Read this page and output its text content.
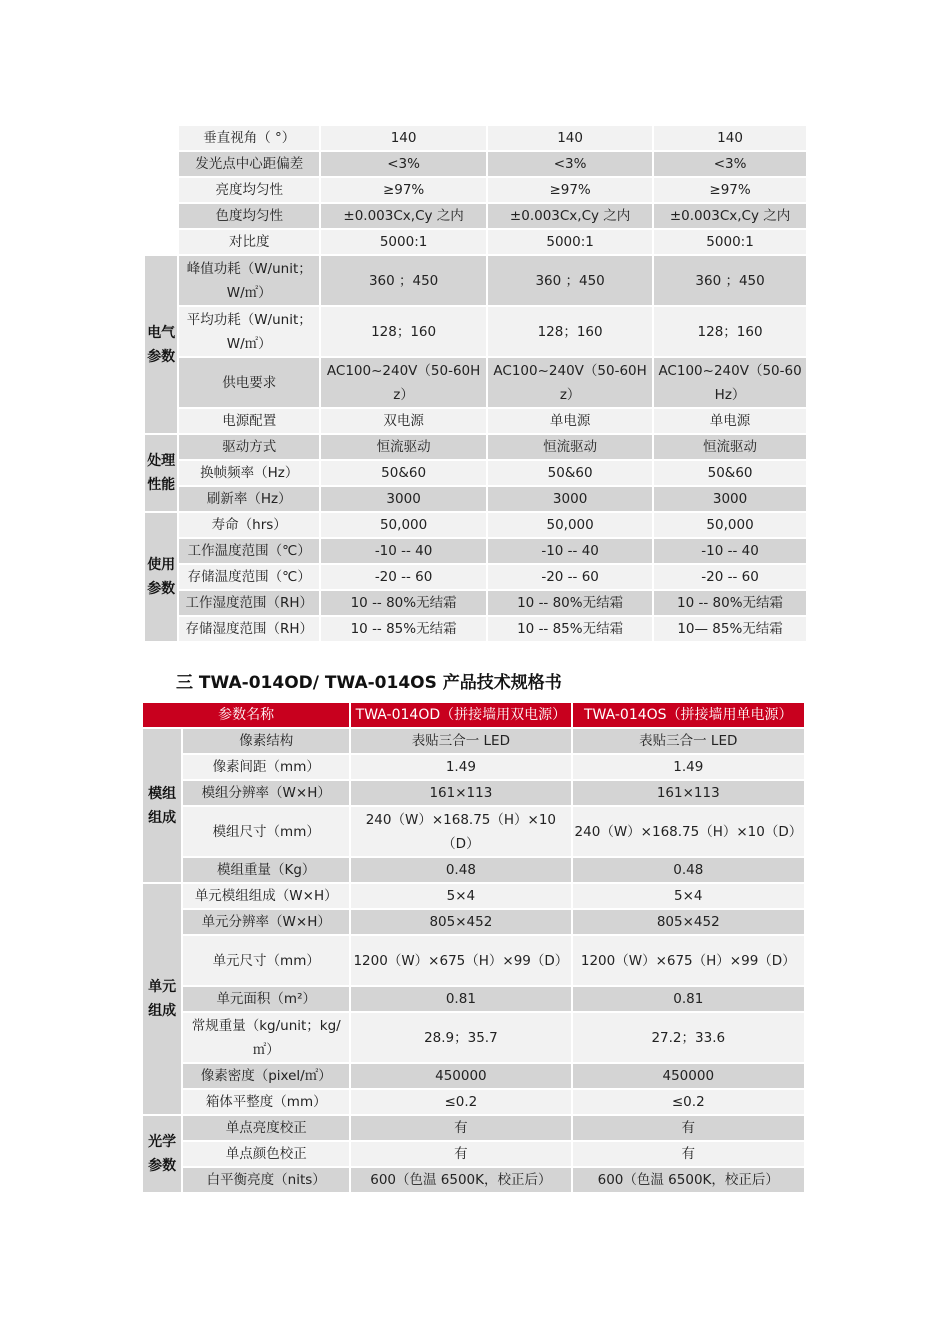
	垂直视角（ °）	140	140	140
	发光点中心距偏差	<3%	<3%	<3%
	亮度均匀性	≥97%	≥97%	≥97%
	色度均匀性	±0.003Cx,Cy 之内	±0.003Cx,Cy 之内	±0.003Cx,Cy 之内
	对比度	5000:1	5000:1	5000:1
电气参数	峰值功耗（W/unit；W/㎡）	360 ；450	360 ；450	360 ；450
	平均功耗（W/unit；W/㎡）	128；160	128；160	128；160
	供电要求	AC100~240V（50-60Hz）	AC100~240V（50-60Hz）	AC100~240V（50-60Hz）
	电源配置	双电源	单电源	单电源
处理性能	驱动方式	恒流驱动	恒流驱动	恒流驱动
	换帧频率（Hz）	50&60	50&60	50&60
	刷新率（Hz）	3000	3000	3000
使用参数	寿命（hrs）	50,000	50,000	50,000
	工作温度范围（℃）	-10 -- 40	-10 -- 40	-10 -- 40
	存储温度范围（℃）	-20 -- 60	-20 -- 60	-20 -- 60
	工作湿度范围（RH）	10 -- 80%无结霜	10 -- 80%无结霜	10 -- 80%无结霜
	存储湿度范围（RH）	10 -- 85%无结霜	10 -- 85%无结霜	10— 85%无结霜

三 TWA-014OD/ TWA-014OS 产品技术规格书

参数名称		TWA-014OD（拼接墙用双电源）	TWA-014OS（拼接墙用单电源）
模组组成	像素结构	表贴三合一 LED	表贴三合一 LED
	像素间距（mm）	1.49	1.49
	模组分辨率（W×H）	161×113	161×113
	模组尺寸（mm）	240（W）×168.75（H）×10（D）	240（W）×168.75（H）×10（D）
	模组重量（Kg）	0.48	0.48
单元组成	单元模组组成（W×H）	5×4	5×4
	单元分辨率（W×H）	805×452	805×452
	单元尺寸（mm）	1200（W）×675（H）×99（D）	1200（W）×675（H）×99（D）
	单元面积（m²）	0.81	0.81
	常规重量（kg/unit；kg/㎡）	28.9；35.7	27.2；33.6
	像素密度（pixel/㎡）	450000	450000
	箱体平整度（mm）	≤0.2	≤0.2
光学参数	单点亮度校正	有	有
	单点颜色校正	有	有
	白平衡亮度（nits）	600（色温 6500K，校正后）	600（色温 6500K，校正后）
